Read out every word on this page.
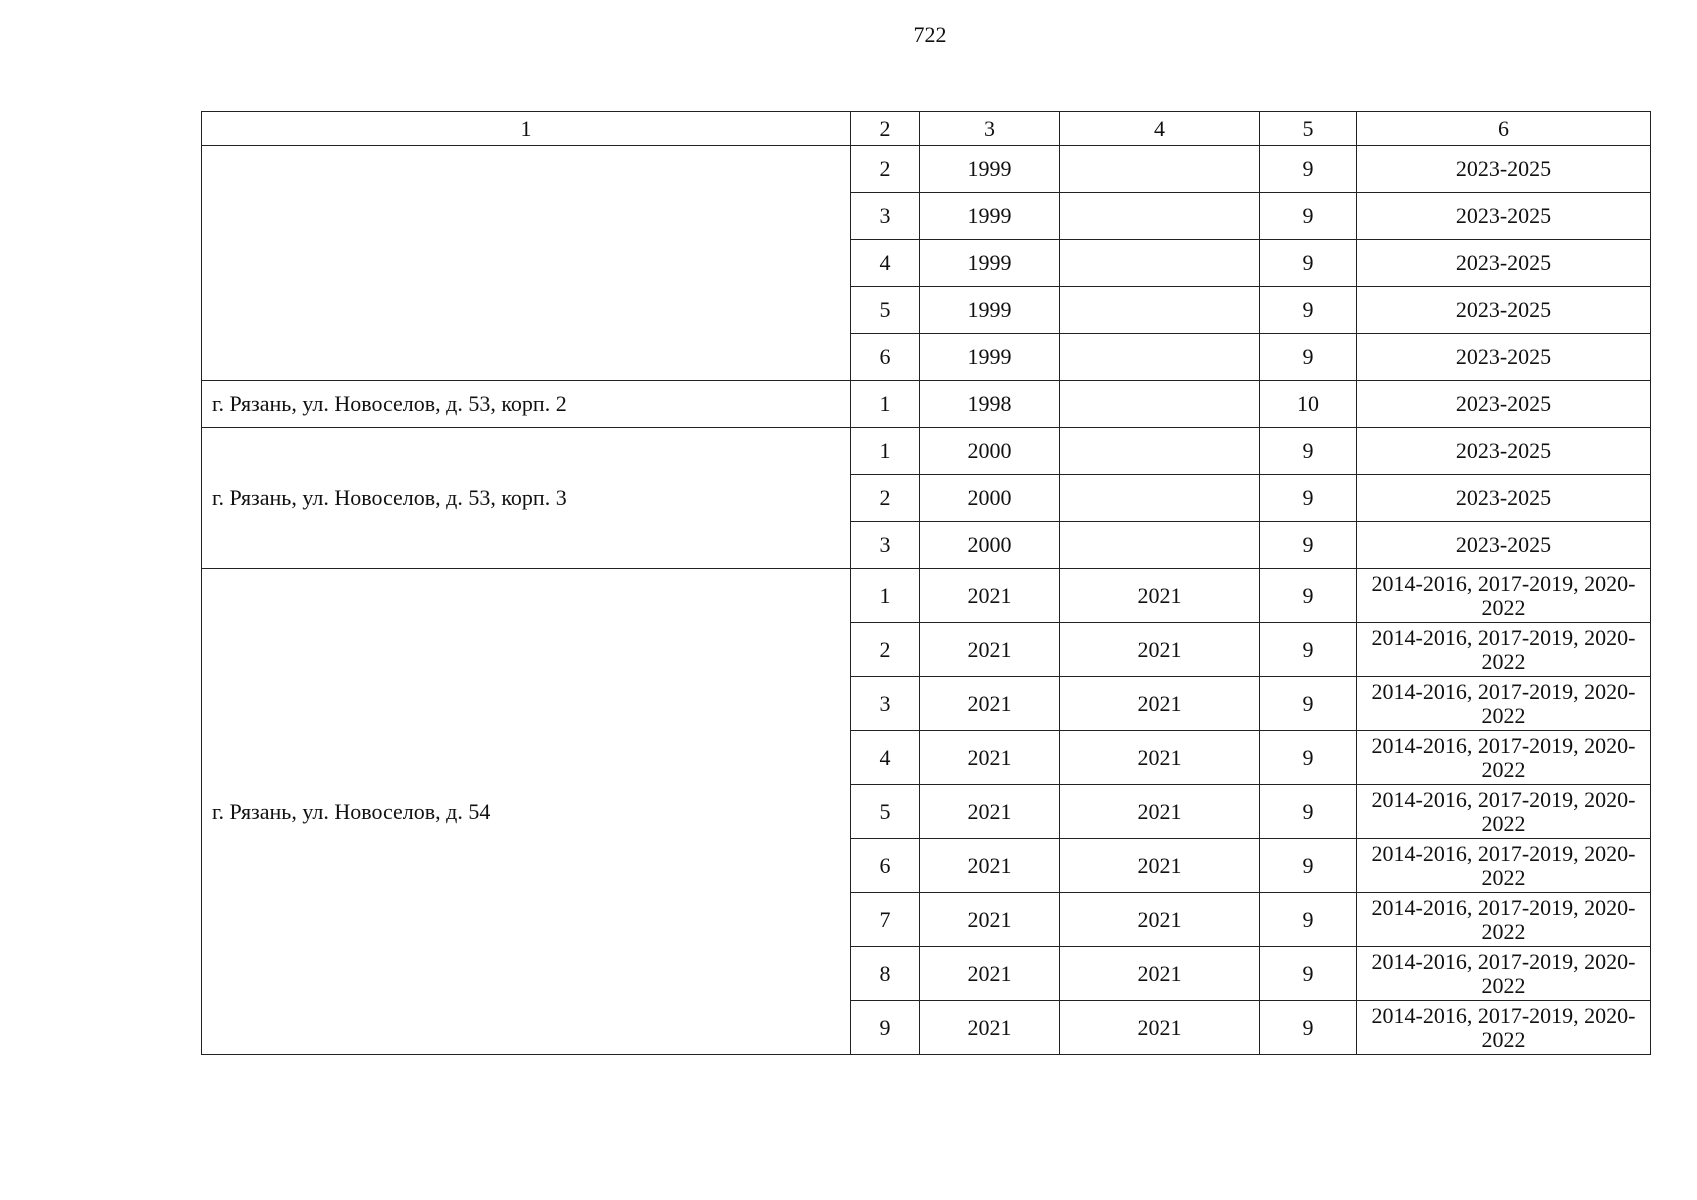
722
1	2	3	4	5	6
	2	1999		9	2023-2025
	3	1999		9	2023-2025
	4	1999		9	2023-2025
	5	1999		9	2023-2025
	6	1999		9	2023-2025
г. Рязань, ул. Новоселов, д. 53, корп. 2	1	1998		10	2023-2025
г. Рязань, ул. Новоселов, д. 53, корп. 3	1	2000		9	2023-2025
	2	2000		9	2023-2025
	3	2000		9	2023-2025
г. Рязань, ул. Новоселов, д. 54	1	2021	2021	9	2014-2016, 2017-2019, 2020-2022
	2	2021	2021	9	2014-2016, 2017-2019, 2020-2022
	3	2021	2021	9	2014-2016, 2017-2019, 2020-2022
	4	2021	2021	9	2014-2016, 2017-2019, 2020-2022
	5	2021	2021	9	2014-2016, 2017-2019, 2020-2022
	6	2021	2021	9	2014-2016, 2017-2019, 2020-2022
	7	2021	2021	9	2014-2016, 2017-2019, 2020-2022
	8	2021	2021	9	2014-2016, 2017-2019, 2020-2022
	9	2021	2021	9	2014-2016, 2017-2019, 2020-2022
